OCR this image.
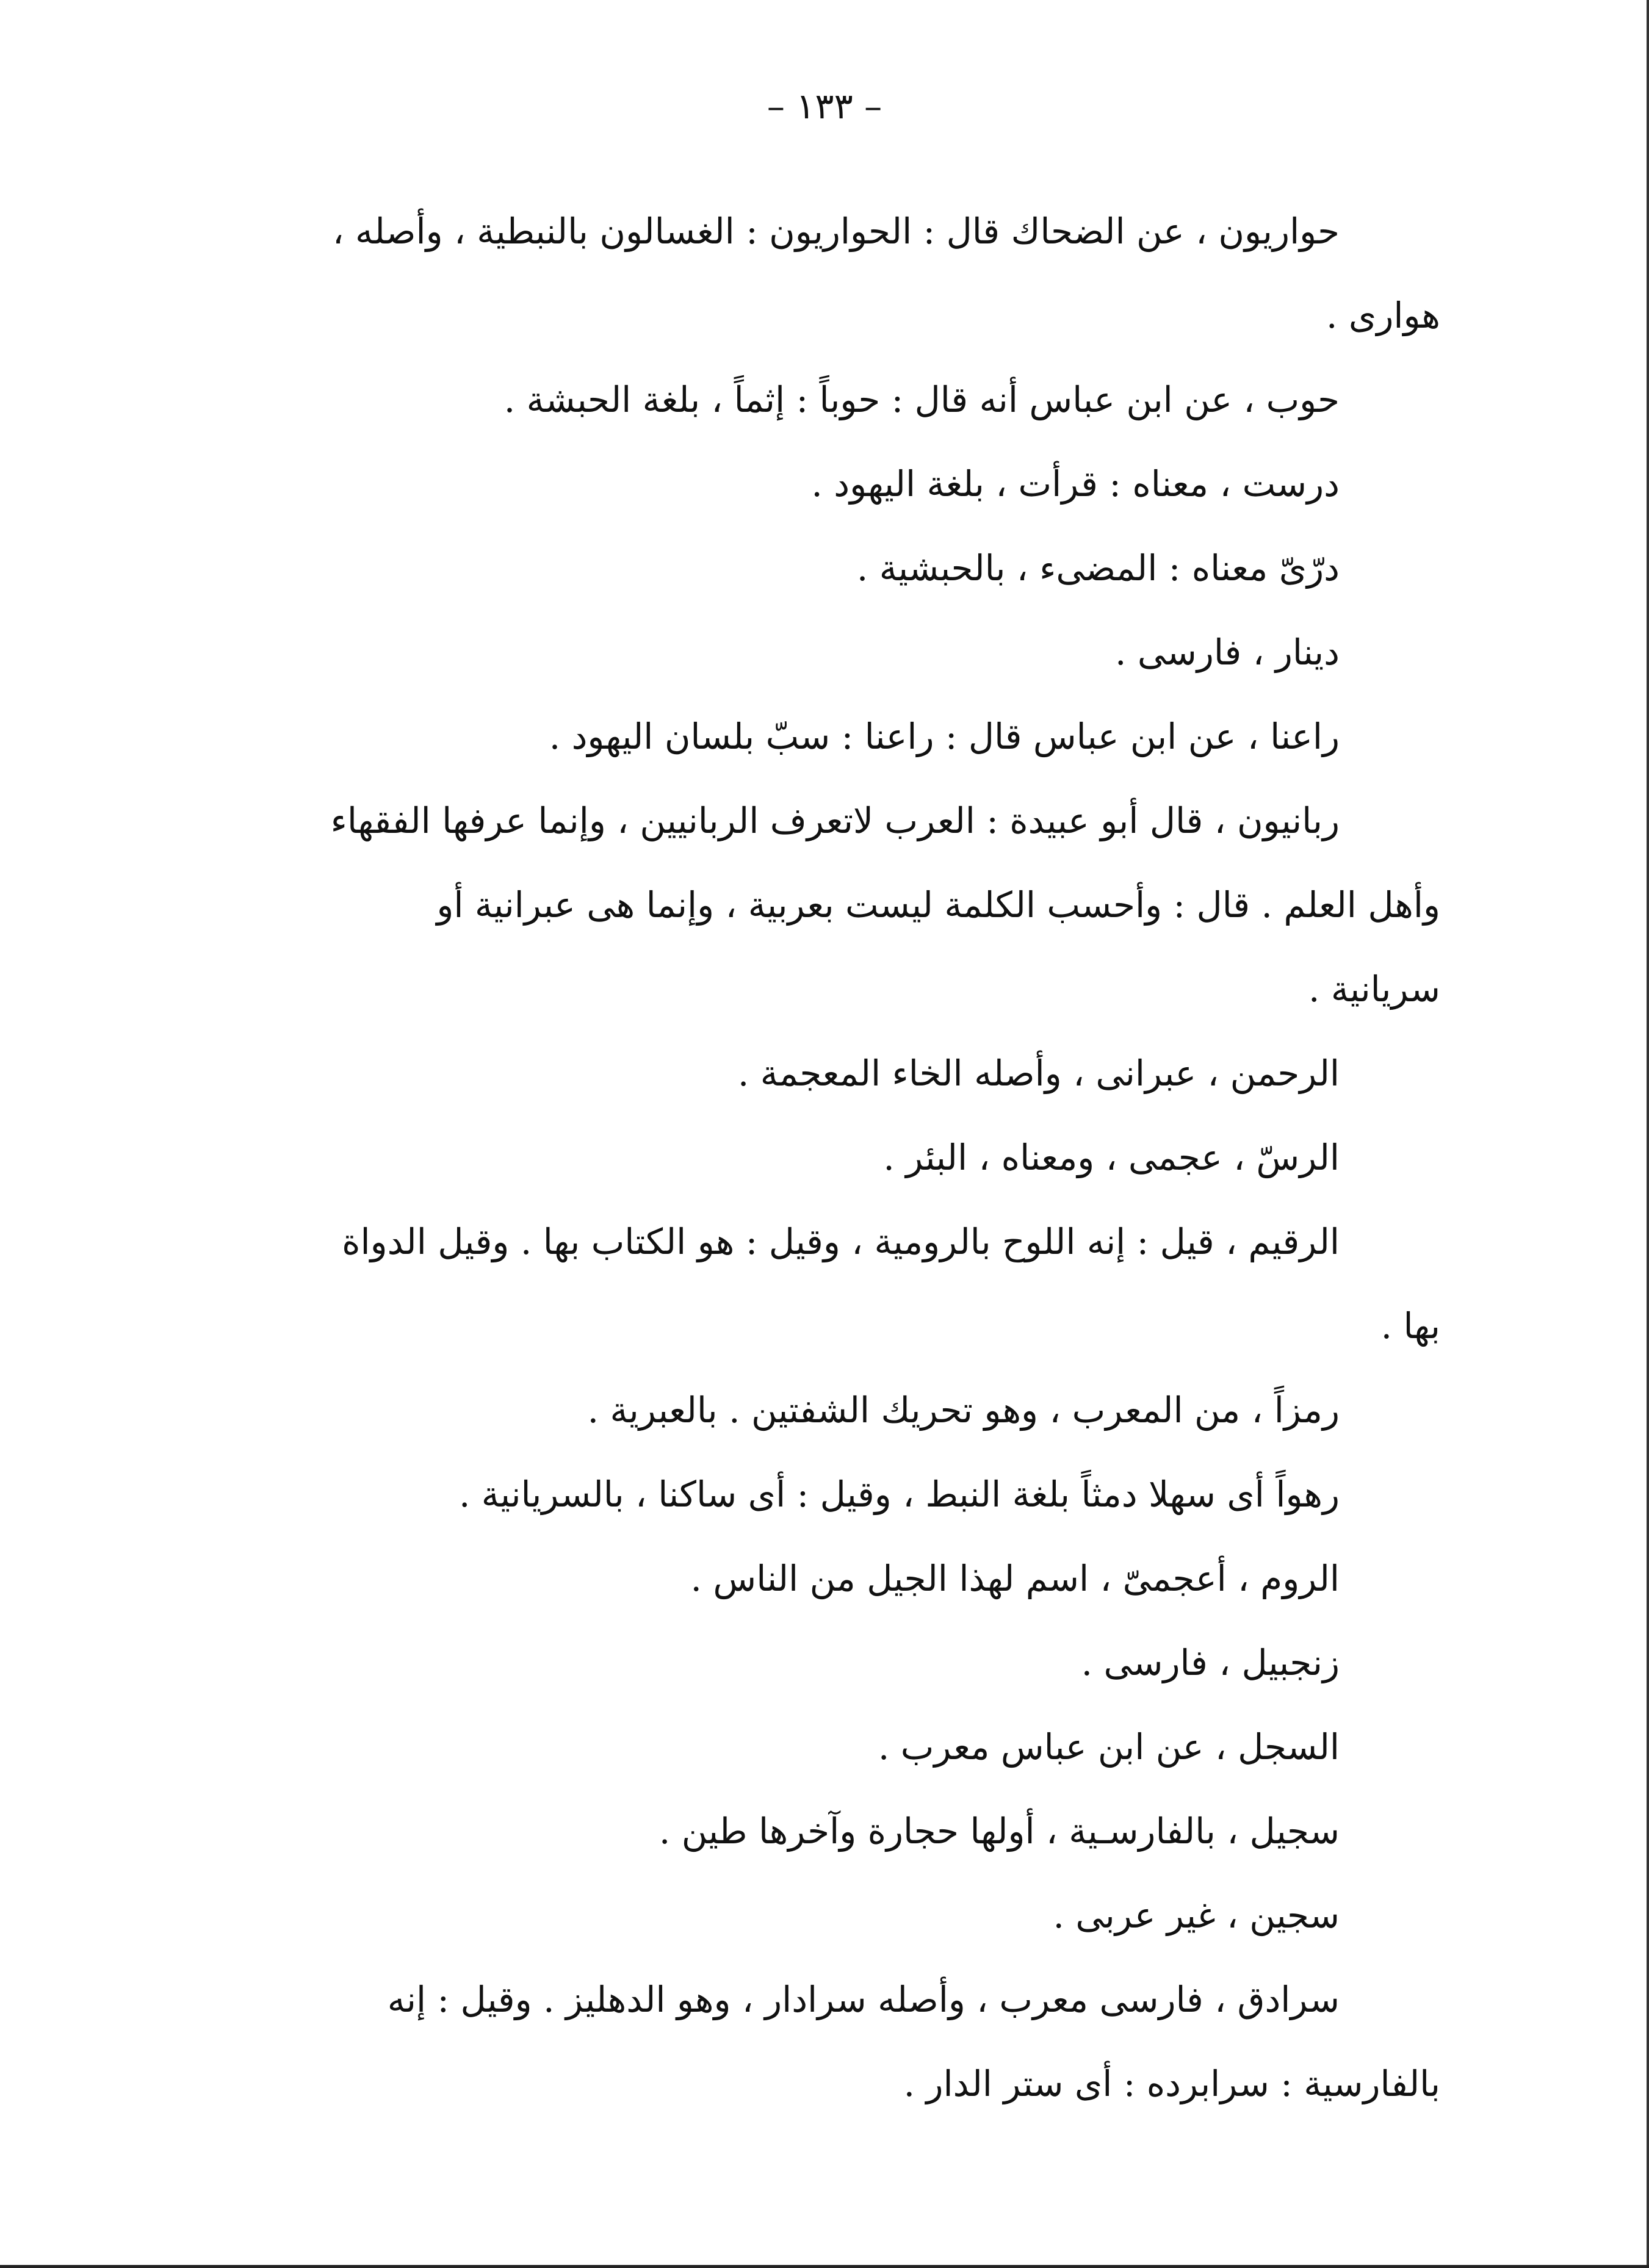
– ١٣٣ –
حواريون ، عن الضحاك قال : الحواريون : الغسالون بالنبطية ، وأصله ،
هوارى .
حوب ، عن ابن عباس أنه قال : حوباً : إثماً ، بلغة الحبشة .
درست ، معناه : قرأت ، بلغة اليهود .
درّىّ معناه : المضىء ، بالحبشية .
دينار ، فارسى .
راعنا ، عن ابن عباس قال : راعنا : سبّ بلسان اليهود .
ربانيون ، قال أبو عبيدة : العرب لاتعرف الربانيين ، وإنما عرفها الفقهاء
وأهل العلم . قال : وأحسب الكلمة ليست بعربية ، وإنما هى عبرانية أو
سريانية .
الرحمن ، عبرانى ، وأصله الخاء المعجمة .
الرسّ ، عجمى ، ومعناه ، البئر .
الرقيم ، قيل : إنه اللوح بالرومية ، وقيل : هو الكتاب بها . وقيل الدواة
بها .
رمزاً ، من المعرب ، وهو تحريك الشفتين . بالعبرية .
رهواً أى سهلا دمثاً بلغة النبط ، وقيل : أى ساكنا ، بالسريانية .
الروم ، أعجمىّ ، اسم لهذا الجيل من الناس .
زنجبيل ، فارسى .
السجل ، عن ابن عباس معرب .
سجيل ، بالفارسـية ، أولها حجارة وآخرها طين .
سجين ، غير عربى .
سرادق ، فارسى معرب ، وأصله سرادار ، وهو الدهليز . وقيل : إنه
بالفارسية : سرابرده : أى ستر الدار .
